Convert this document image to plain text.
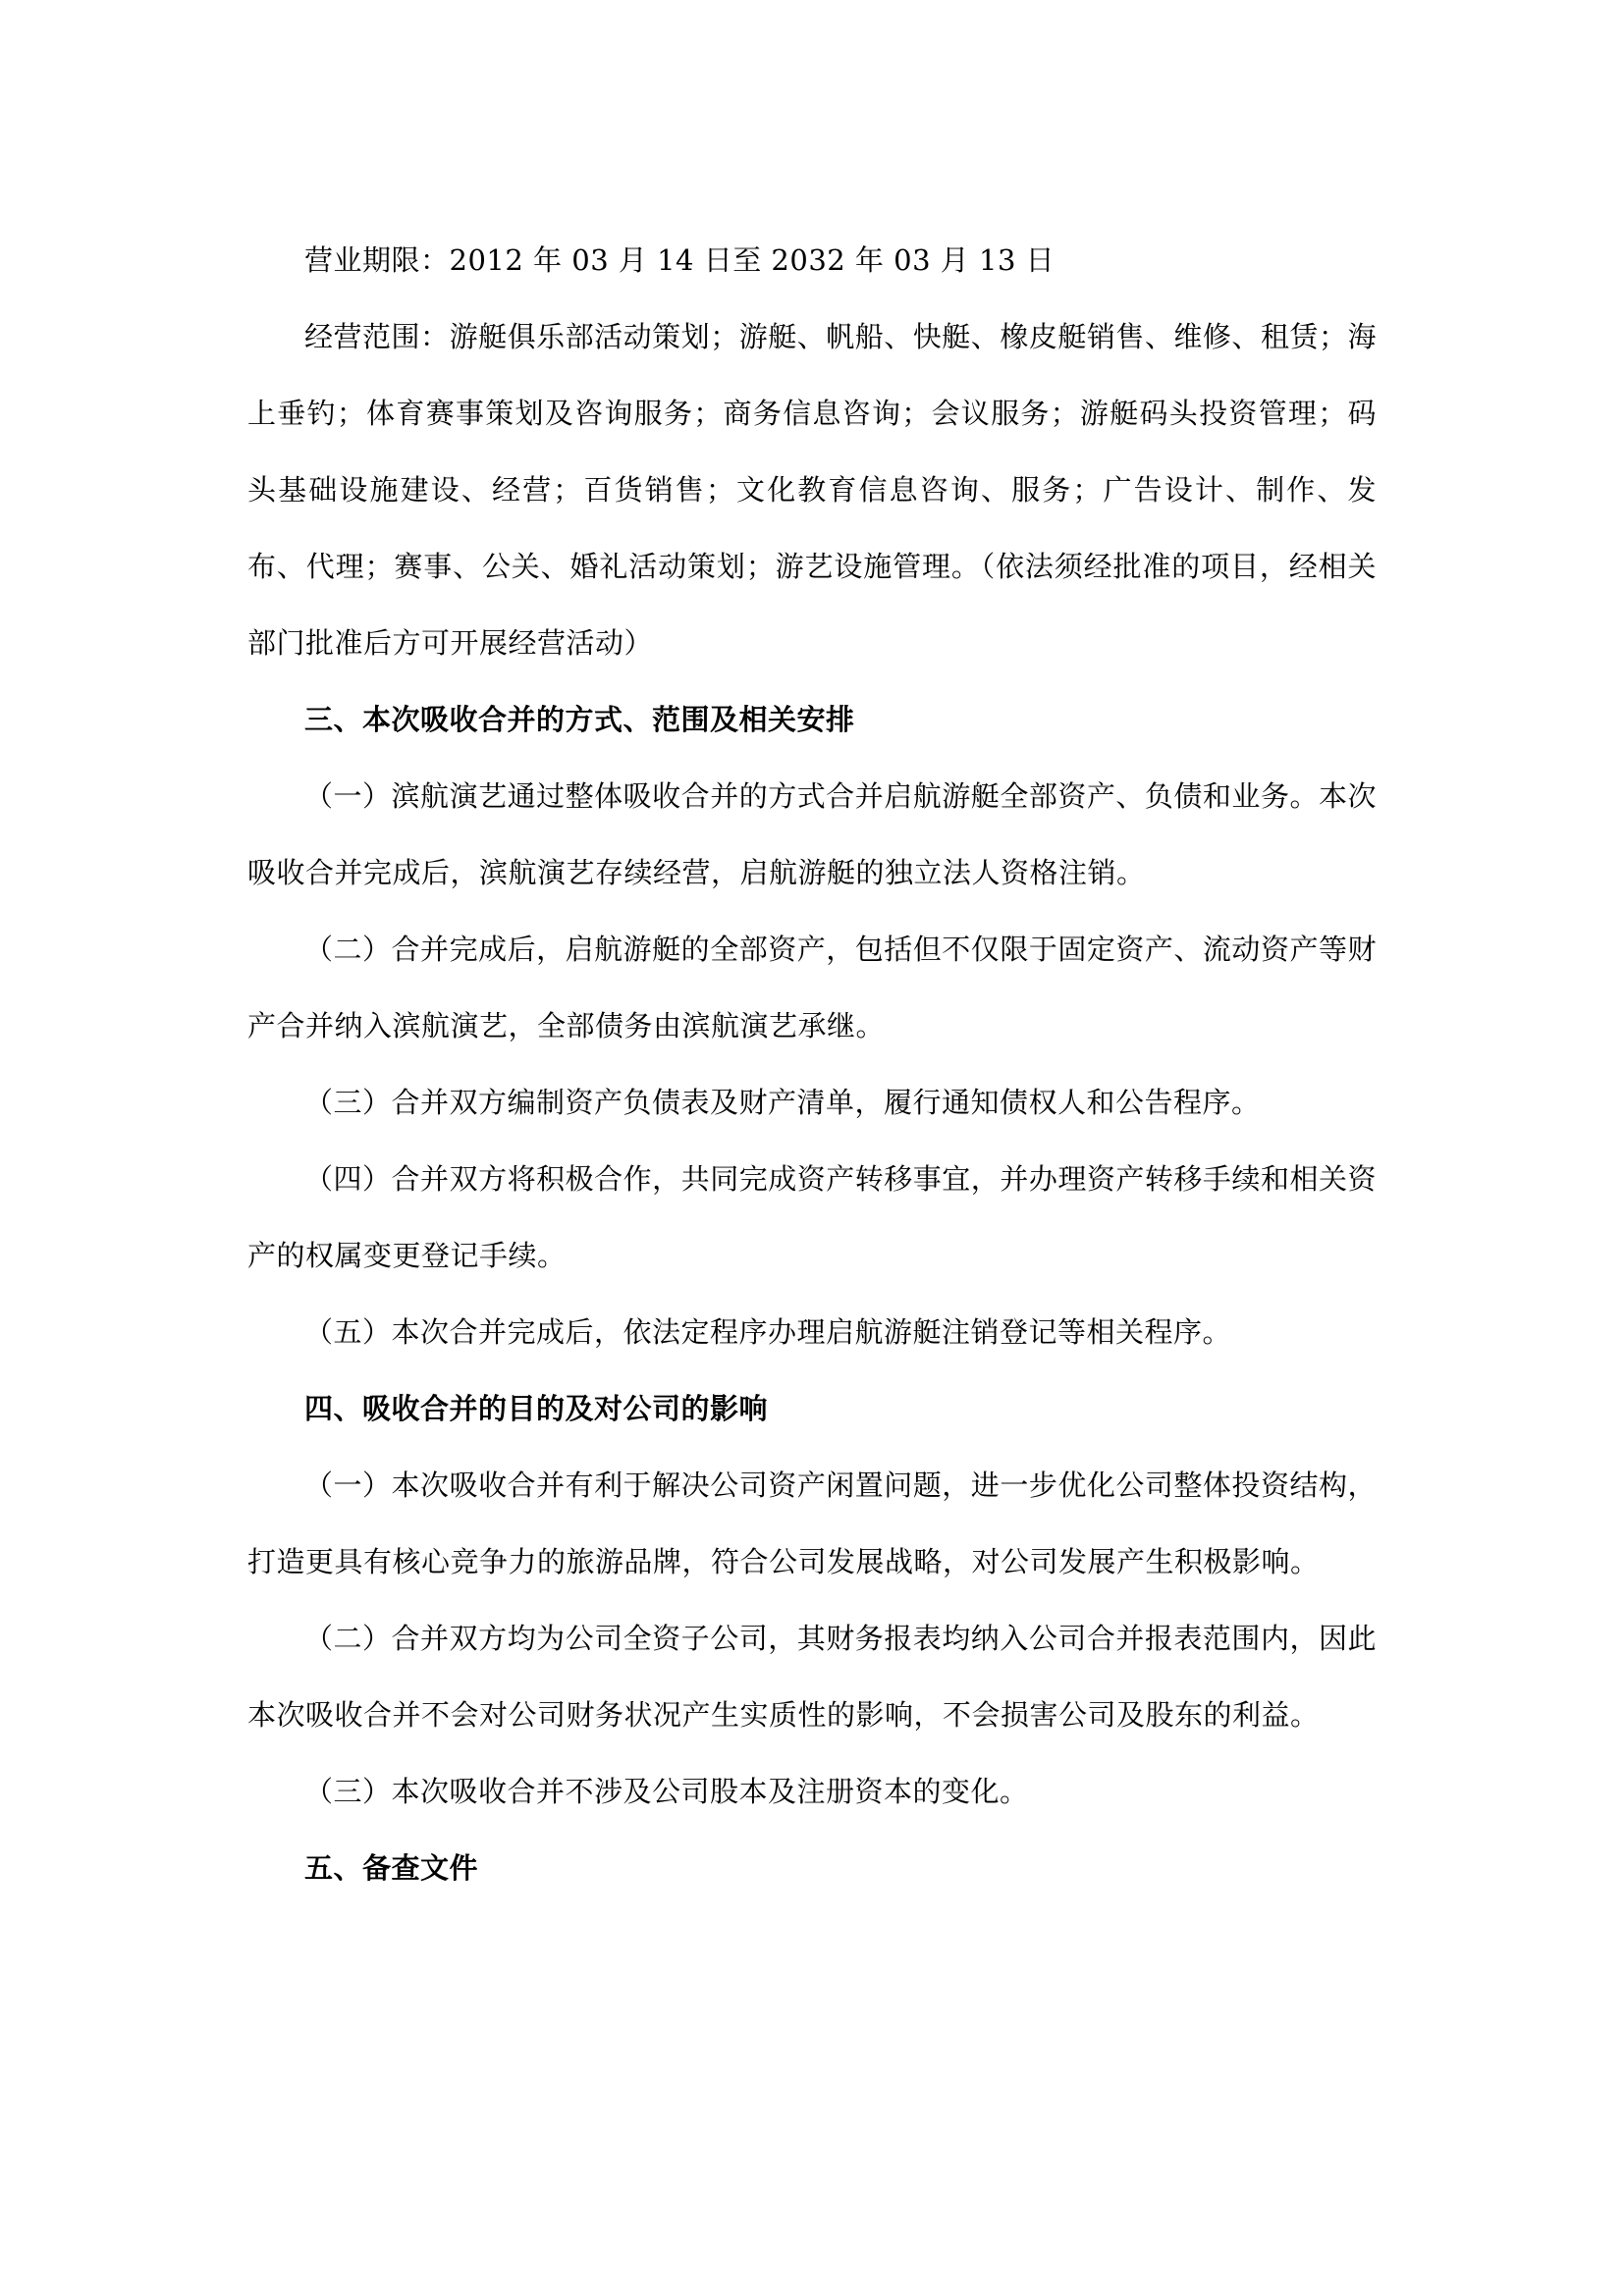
营业期限：2012 年 03 月 14 日至 2032 年 03 月 13 日

经营范围：游艇俱乐部活动策划；游艇、帆船、快艇、橡皮艇销售、维修、租赁；海上垂钓；体育赛事策划及咨询服务；商务信息咨询；会议服务；游艇码头投资管理；码头基础设施建设、经营；百货销售；文化教育信息咨询、服务；广告设计、制作、发布、代理；赛事、公关、婚礼活动策划；游艺设施管理。（依法须经批准的项目，经相关部门批准后方可开展经营活动）

三、本次吸收合并的方式、范围及相关安排

（一）滨航演艺通过整体吸收合并的方式合并启航游艇全部资产、负债和业务。本次吸收合并完成后，滨航演艺存续经营，启航游艇的独立法人资格注销。

（二）合并完成后，启航游艇的全部资产，包括但不仅限于固定资产、流动资产等财产合并纳入滨航演艺，全部债务由滨航演艺承继。

（三）合并双方编制资产负债表及财产清单，履行通知债权人和公告程序。

（四）合并双方将积极合作，共同完成资产转移事宜，并办理资产转移手续和相关资产的权属变更登记手续。

（五）本次合并完成后，依法定程序办理启航游艇注销登记等相关程序。

四、吸收合并的目的及对公司的影响

（一）本次吸收合并有利于解决公司资产闲置问题，进一步优化公司整体投资结构，打造更具有核心竞争力的旅游品牌，符合公司发展战略，对公司发展产生积极影响。

（二）合并双方均为公司全资子公司，其财务报表均纳入公司合并报表范围内，因此本次吸收合并不会对公司财务状况产生实质性的影响，不会损害公司及股东的利益。

（三）本次吸收合并不涉及公司股本及注册资本的变化。

五、备查文件
